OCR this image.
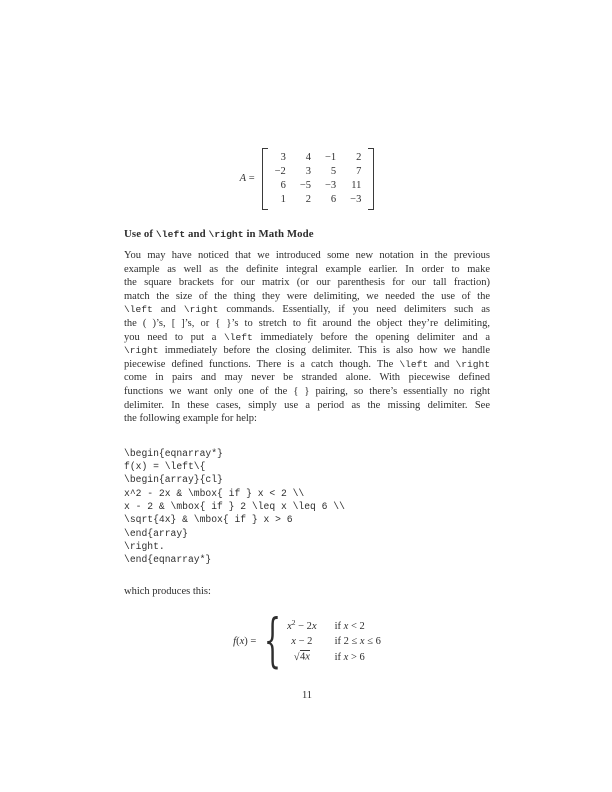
A =
3 4 −1 2
−2 3 5 7
6 −5 −3 11
1 2 6 −3
Use of \left and \right in Math Mode
You may have noticed that we introduced some new notation in the previous
example as well as the definite integral example earlier. In order to make
the square brackets for our matrix (or our parenthesis for our tall fraction)
match the size of the thing they were delimiting, we needed the use of the
\left and \right commands. Essentially, if you need delimiters such as
the ( )’s, [ ]’s, or { }’s to stretch to fit around the object they’re delimiting,
you need to put a \left immediately before the opening delimiter and a
\right immediately before the closing delimiter. This is also how we handle
piecewise defined functions. There is a catch though. The \left and \right
come in pairs and may never be stranded alone. With piecewise defined
functions we want only one of the { } pairing, so there’s essentially no right
delimiter. In these cases, simply use a period as the missing delimiter. See
the following example for help:
\begin{eqnarray*}
f(x) = \left\{
\begin{array}{cl}
x^2 - 2x & \mbox{ if } x < 2 \\
x - 2 & \mbox{ if } 2 \leq x \leq 6 \\
\sqrt{4x} & \mbox{ if } x > 6
\end{array}
\right.
\end{eqnarray*}
which produces this:
f(x) = { $x^2 - 2x$ if x < 2
x − 2 if 2 ≤ x ≤ 6
√4x if x > 6
11
